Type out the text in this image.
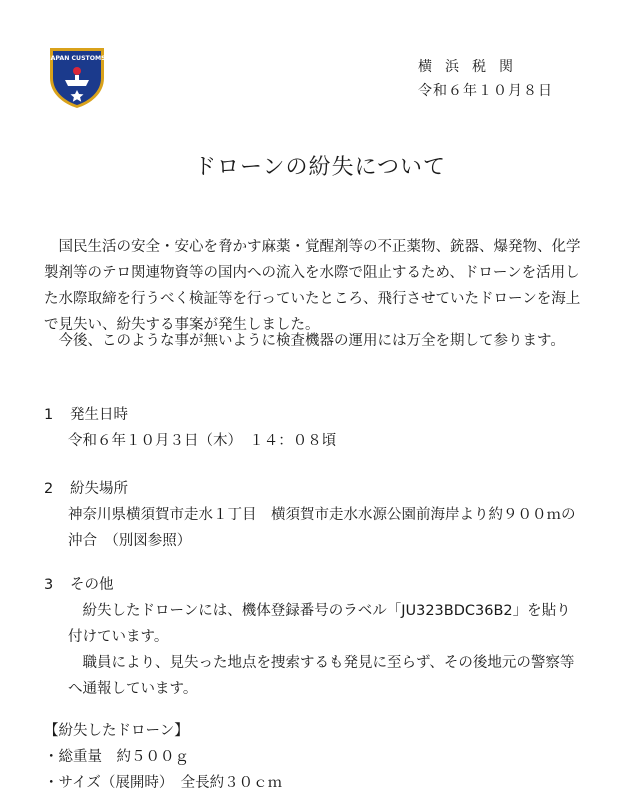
JAPAN CUSTOMS
横浜税関
令和６年１０月８日
ドローンの紛失について

国民生活の安全・安心を脅かす麻薬・覚醒剤等の不正薬物、銃器、爆発物、化学製剤等のテロ関連物資等の国内への流入を水際で阻止するため、ドローンを活用した水際取締を行うべく検証等を行っていたところ、飛行させていたドローンを海上で見失い、紛失する事案が発生しました。

今後、このような事が無いように検査機器の運用には万全を期して参ります。

1 発生日時

令和６年１０月３日（木）　１４：０８頃

2 紛失場所

神奈川県横須賀市走水１丁目　横須賀市走水水源公園前海岸より約９００ｍの沖合　（別図参照）

3 その他

紛失したドローンには、機体登録番号のラベル「JU323BDC36B2」を貼り付けています。

職員により、見失った地点を捜索するも発見に至らず、その後地元の警察等へ通報しています。

【紛失したドローン】
・総重量　約５００ｇ
・サイズ（展開時）　全長約３０ｃｍ
